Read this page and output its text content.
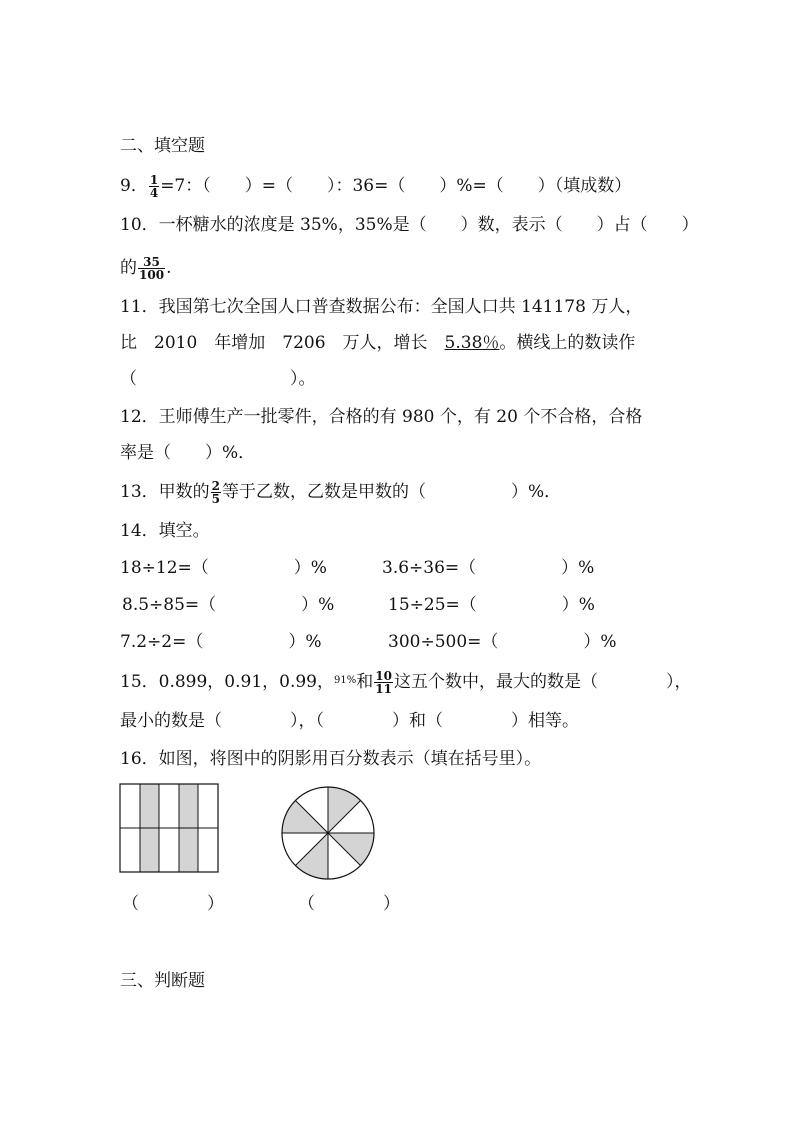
二、填空题
9． $\frac{1}{4} =7$：（　　）=（　　）：36=（　　）%=（　　）（填成数）
10．一杯糖水的浓度是 35%，35%是（　　）数，表示（　　）占（　　）
的 $\frac{35}{100}$ .
11．我国第七次全国人口普查数据公布：全国人口共 141178 万人，
比　2010　年增加　7206　万人，增长　5.38％。横线上的数读作
（　　　　　　　　　）。
12．王师傅生产一批零件，合格的有 980 个，有 20 个不合格，合格
率是（　　）%．
13．甲数的 $\frac{2}{5}$ 等于乙数，乙数是甲数的（　　　　　）%．
14．填空。
18÷12=（　　　　　）%	3.6÷36=（　　　　　）%
8.5÷85=（　　　　　）%	15÷25=（　　　　　）%
7.2÷2=（　　　　　）%	300÷500=（　　　　　）%
15．0.899，0.91，0.99，$^{91\%}$和 $\frac{10}{11}$ 这五个数中，最大的数是（　　　　），
最小的数是（　　　　），（　　　　）和（　　　　）相等。
16．如图，将图中的阴影用百分数表示（填在括号里）。
（　　　　）	（　　　　）
三、判断题
